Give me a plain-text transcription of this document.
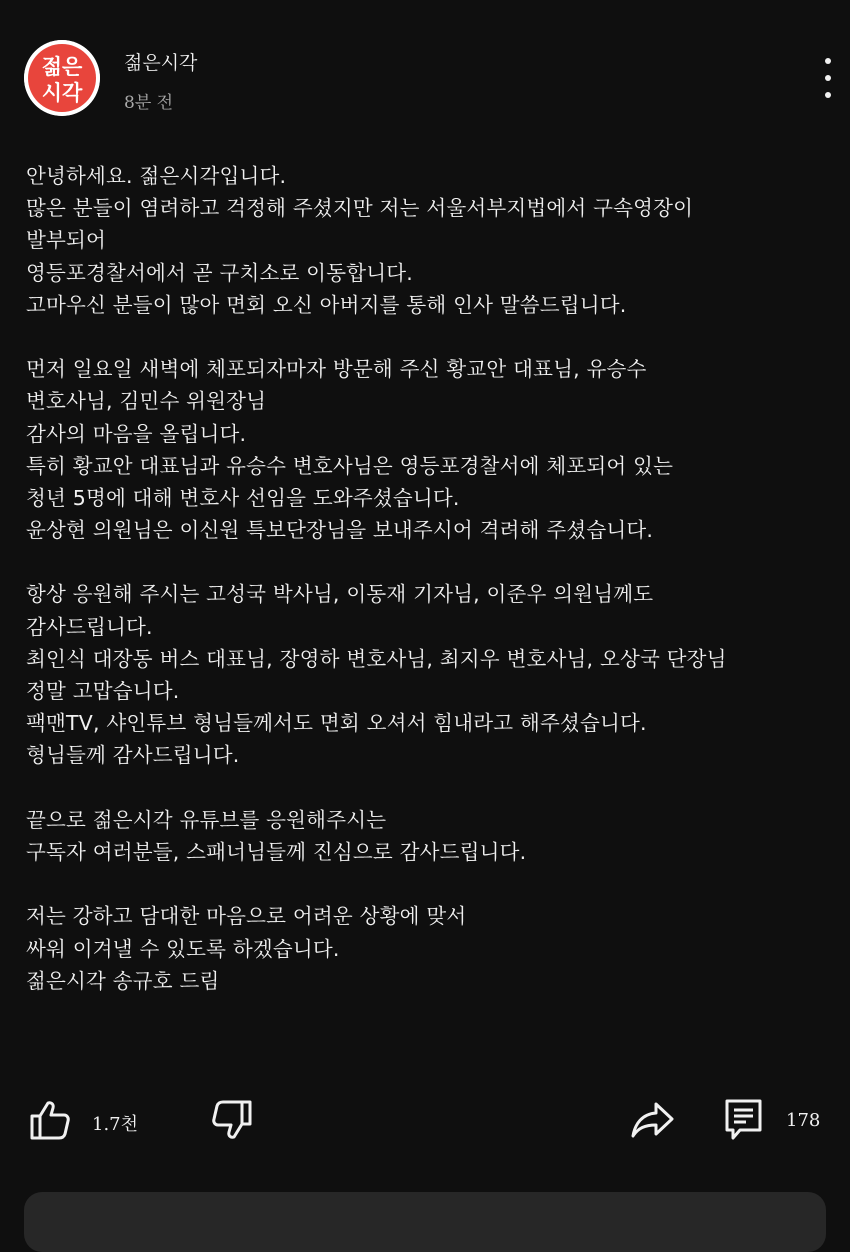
젊은
시각
젊은시각
8분 전
안녕하세요. 젊은시각입니다.
많은 분들이 염려하고 걱정해 주셨지만 저는 서울서부지법에서 구속영장이
발부되어
영등포경찰서에서 곧 구치소로 이동합니다.
고마우신 분들이 많아 면회 오신 아버지를 통해 인사 말씀드립니다.
먼저 일요일 새벽에 체포되자마자 방문해 주신 황교안 대표님, 유승수
변호사님, 김민수 위원장님
감사의 마음을 올립니다.
특히 황교안 대표님과 유승수 변호사님은 영등포경찰서에 체포되어 있는
청년 5명에 대해 변호사 선임을 도와주셨습니다.
윤상현 의원님은 이신원 특보단장님을 보내주시어 격려해 주셨습니다.
항상 응원해 주시는 고성국 박사님, 이동재 기자님, 이준우 의원님께도
감사드립니다.
최인식 대장동 버스 대표님, 장영하 변호사님, 최지우 변호사님, 오상국 단장님
정말 고맙습니다.
팩맨TV, 샤인튜브 형님들께서도 면회 오셔서 힘내라고 해주셨습니다.
형님들께 감사드립니다.
끝으로 젊은시각 유튜브를 응원해주시는
구독자 여러분들, 스패너님들께 진심으로 감사드립니다.
저는 강하고 담대한 마음으로 어려운 상황에 맞서
싸워 이겨낼 수 있도록 하겠습니다.
젊은시각 송규호 드림
1.7천	178
